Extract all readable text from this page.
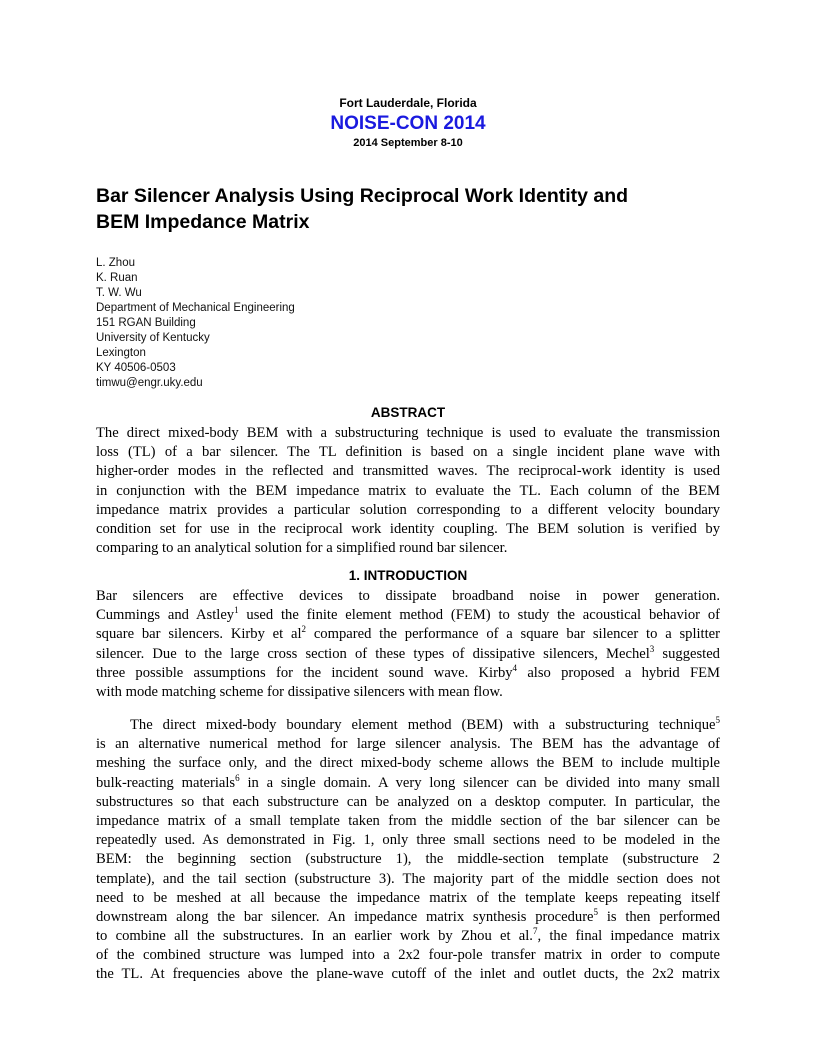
Fort Lauderdale, Florida
NOISE-CON 2014
2014 September 8-10
Bar Silencer Analysis Using Reciprocal Work Identity and
BEM Impedance Matrix
L. Zhou
K. Ruan
T. W. Wu
Department of Mechanical Engineering
151 RGAN Building
University of Kentucky
Lexington
KY 40506-0503
timwu@engr.uky.edu
ABSTRACT
The direct mixed-body BEM with a substructuring technique is used to evaluate the transmission
loss (TL) of a bar silencer. The TL definition is based on a single incident plane wave with
higher-order modes in the reflected and transmitted waves. The reciprocal-work identity is used
in conjunction with the BEM impedance matrix to evaluate the TL. Each column of the BEM
impedance matrix provides a particular solution corresponding to a different velocity boundary
condition set for use in the reciprocal work identity coupling. The BEM solution is verified by
comparing to an analytical solution for a simplified round bar silencer.
1. INTRODUCTION
Bar silencers are effective devices to dissipate broadband noise in power generation.
Cummings and Astley$^1$ used the finite element method (FEM) to study the acoustical behavior of
square bar silencers. Kirby et $al^2$ compared the performance of a square bar silencer to a splitter
silencer. Due to the large cross section of these types of dissipative silencers, Mechel$^3$ suggested
three possible assumptions for the incident sound wave. Kirby$^4$ also proposed a hybrid FEM
with mode matching scheme for dissipative silencers with mean flow.
The direct mixed-body boundary element method (BEM) with a substructuring technique$^5$
is an alternative numerical method for large silencer analysis. The BEM has the advantage of
meshing the surface only, and the direct mixed-body scheme allows the BEM to include multiple
bulk-reacting materials$^6$ in a single domain. A very long silencer can be divided into many small
substructures so that each substructure can be analyzed on a desktop computer. In particular, the
impedance matrix of a small template taken from the middle section of the bar silencer can be
repeatedly used. As demonstrated in Fig. 1, only three small sections need to be modeled in the
BEM: the beginning section (substructure 1), the middle-section template (substructure 2
template), and the tail section (substructure 3). The majority part of the middle section does not
need to be meshed at all because the impedance matrix of the template keeps repeating itself
downstream along the bar silencer. An impedance matrix synthesis procedure$^5$ is then performed
to combine all the substructures. In an earlier work by Zhou et al.$^7$, the final impedance matrix
of the combined structure was lumped into a 2x2 four-pole transfer matrix in order to compute
the TL. At frequencies above the plane-wave cutoff of the inlet and outlet ducts, the 2x2 matrix
